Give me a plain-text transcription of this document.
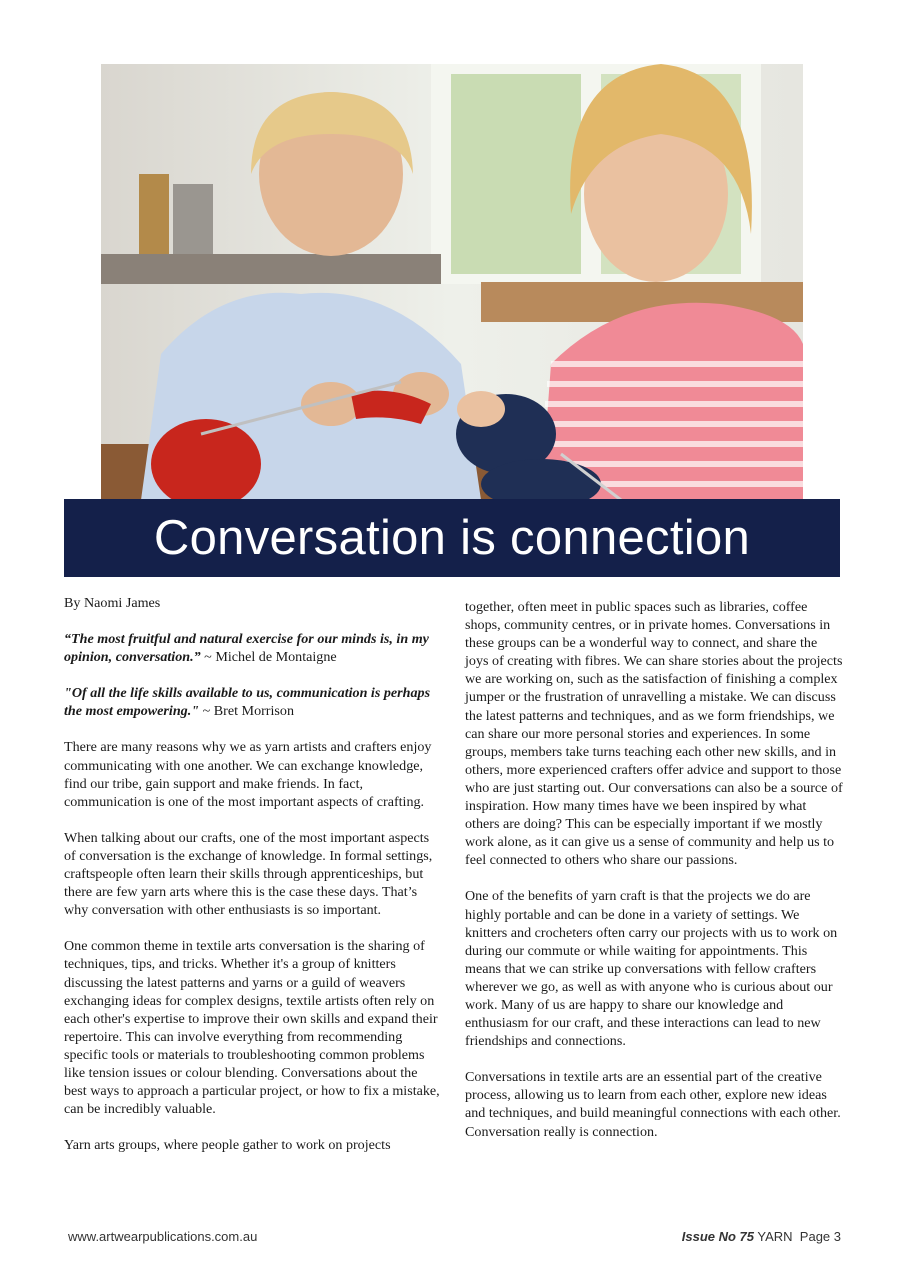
Conversation is connection

By Naomi James

“The most fruitful and natural exercise for our minds is, in my opinion, conversation.” ~ Michel de Montaigne

"Of all the life skills available to us, communication is perhaps the most empowering." ~ Bret Morrison

There are many reasons why we as yarn artists and crafters enjoy communicating with one another. We can exchange knowledge, find our tribe, gain support and make friends. In fact, communication is one of the most important aspects of crafting.

When talking about our crafts, one of the most important aspects of conversation is the exchange of knowledge. In formal settings, craftspeople often learn their skills through apprenticeships, but there are few yarn arts where this is the case these days. That’s why conversation with other enthusiasts is so important.

One common theme in textile arts conversation is the sharing of techniques, tips, and tricks. Whether it's a group of knitters discussing the latest patterns and yarns or a guild of weavers exchanging ideas for complex designs, textile artists often rely on each other's expertise to improve their own skills and expand their repertoire. This can involve everything from recommending specific tools or materials to troubleshooting common problems like tension issues or colour blending. Conversations about the best ways to approach a particular project, or how to fix a mistake, can be incredibly valuable.

Yarn arts groups, where people gather to work on projects

together, often meet in public spaces such as libraries, coffee shops, community centres, or in private homes. Conversations in these groups can be a wonderful way to connect, and share the joys of creating with fibres. We can share stories about the projects we are working on, such as the satisfaction of finishing a complex jumper or the frustration of unravelling a mistake. We can discuss the latest patterns and techniques, and as we form friendships, we can share our more personal stories and experiences. In some groups, members take turns teaching each other new skills, and in others, more experienced crafters offer advice and support to those who are just starting out. Our conversations can also be a source of inspiration. How many times have we been inspired by what others are doing? This can be especially important if we mostly work alone, as it can give us a sense of community and help us to feel connected to others who share our passions.

One of the benefits of yarn craft is that the projects we do are highly portable and can be done in a variety of settings. We knitters and crocheters often carry our projects with us to work on during our commute or while waiting for appointments. This means that we can strike up conversations with fellow crafters wherever we go, as well as with anyone who is curious about our work. Many of us are happy to share our knowledge and enthusiasm for our craft, and these interactions can lead to new friendships and connections.

Conversations in textile arts are an essential part of the creative process, allowing us to learn from each other, explore new ideas and techniques, and build meaningful connections with each other. Conversation really is connection.

www.artwearpublications.com.au	Issue No 75 YARN Page 3
